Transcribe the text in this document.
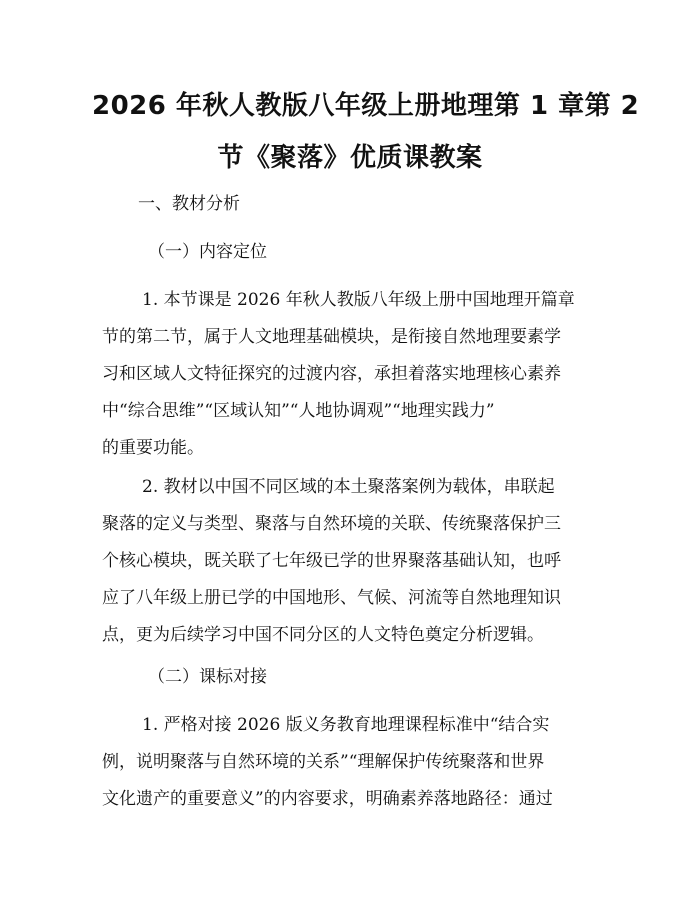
2026 年秋人教版八年级上册地理第 1 章第 2
节《聚落》优质课教案
一、教材分析
（一）内容定位
1. 本节课是 2026 年秋人教版八年级上册中国地理开篇章
节的第二节，属于人文地理基础模块，是衔接自然地理要素学
习和区域人文特征探究的过渡内容，承担着落实地理核心素养
中“综合思维”“区域认知”“人地协调观”“地理实践力”
的重要功能。
2. 教材以中国不同区域的本土聚落案例为载体，串联起
聚落的定义与类型、聚落与自然环境的关联、传统聚落保护三
个核心模块，既关联了七年级已学的世界聚落基础认知，也呼
应了八年级上册已学的中国地形、气候、河流等自然地理知识
点，更为后续学习中国不同分区的人文特色奠定分析逻辑。
（二）课标对接
1. 严格对接 2026 版义务教育地理课程标准中“结合实
例，说明聚落与自然环境的关系”“理解保护传统聚落和世界
文化遗产的重要意义”的内容要求，明确素养落地路径：通过
